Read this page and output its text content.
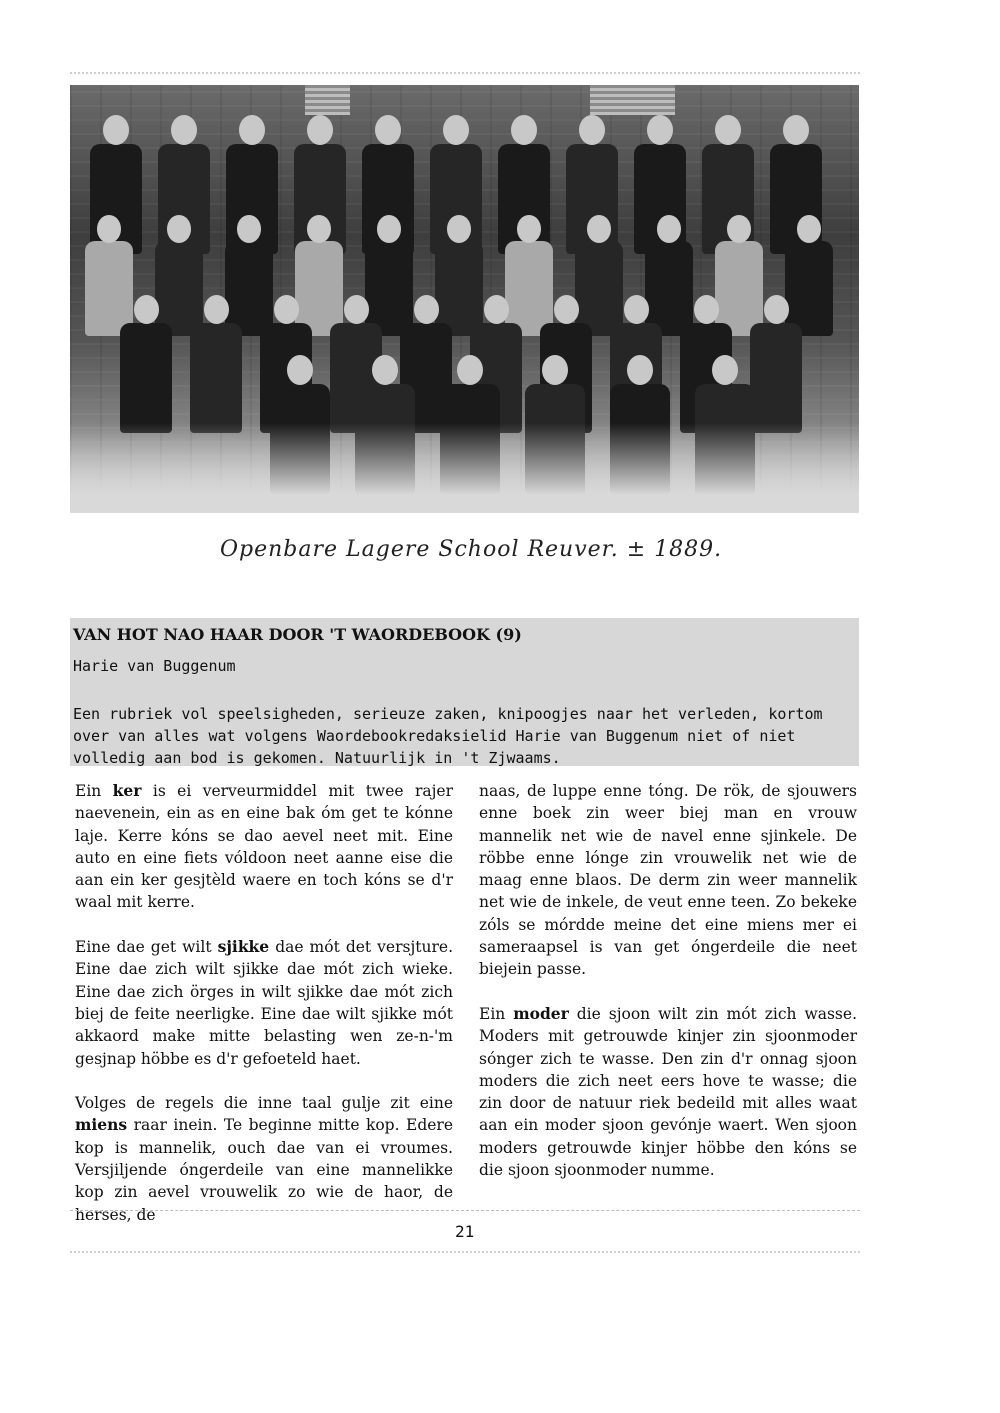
Openbare Lagere School Reuver. ± 1889.
VAN HOT NAO HAAR DOOR 'T WAORDEBOOK (9)
Harie van Buggenum
Een rubriek vol speelsigheden, serieuze zaken, knipoogjes naar het verleden, kortom over van alles wat volgens Waordebookredaksielid Harie van Buggenum niet of niet volledig aan bod is gekomen. Natuurlijk in 't Zjwaams.

Ein ker is ei verveurmiddel mit twee rajer naevenein, ein as en eine bak óm get te kónne laje. Kerre kóns se dao aevel neet mit. Eine auto en eine fiets vóldoon neet aanne eise die aan ein ker gesjtèld waere en toch kóns se d'r waal mit kerre.

Eine dae get wilt sjikke dae mót det versjture. Eine dae zich wilt sjikke dae mót zich wieke. Eine dae zich örges in wilt sjikke dae mót zich biej de feite neerligke. Eine dae wilt sjikke mót akkaord make mitte belasting wen ze-n-'m gesjnap höbbe es d'r gefoeteld haet.

Volges de regels die inne taal gulje zit eine miens raar inein. Te beginne mitte kop. Edere kop is mannelik, ouch dae van ei vroumes. Versjiljende óngerdeile van eine mannelikke kop zin aevel vrouwelik zo wie de haor, de herses, de

naas, de luppe enne tóng. De rök, de sjouwers enne boek zin weer biej man en vrouw mannelik net wie de navel enne sjinkele. De röbbe enne lónge zin vrouwelik net wie de maag enne blaos. De derm zin weer mannelik net wie de inkele, de veut enne teen. Zo bekeke zóls se mórdde meine det eine miens mer ei sameraapsel is van get óngerdeile die neet biejein passe.

Ein moder die sjoon wilt zin mót zich wasse. Moders mit getrouwde kinjer zin sjoonmoder sónger zich te wasse. Den zin d'r onnag sjoon moders die zich neet eers hove te wasse; die zin door de natuur riek bedeild mit alles waat aan ein moder sjoon gevónje waert. Wen sjoon moders getrouwde kinjer höbbe den kóns se die sjoon sjoonmoder numme.

21
